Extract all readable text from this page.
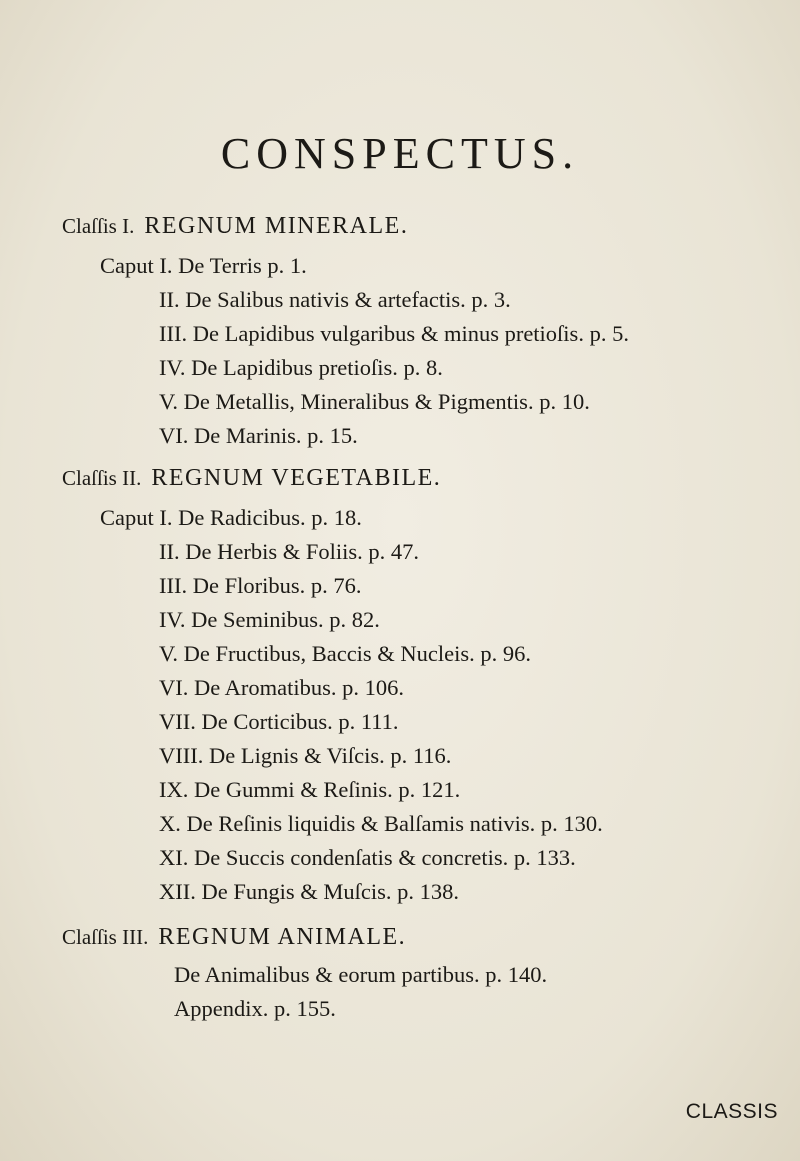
CONSPECTUS.
Claſſis I. REGNUM MINERALE.
Caput I. De Terris p. 1.
II. De Salibus nativis & artefactis. p. 3.
III. De Lapidibus vulgaribus & minus pretioſis. p. 5.
IV. De Lapidibus pretioſis. p. 8.
V. De Metallis, Mineralibus & Pigmentis. p. 10.
VI. De Marinis. p. 15.
Claſſis II. REGNUM VEGETABILE.
Caput I. De Radicibus. p. 18.
II. De Herbis & Foliis. p. 47.
III. De Floribus. p. 76.
IV. De Seminibus. p. 82.
V. De Fructibus, Baccis & Nucleis. p. 96.
VI. De Aromatibus. p. 106.
VII. De Corticibus. p. 111.
VIII. De Lignis & Viſcis. p. 116.
IX. De Gummi & Reſinis. p. 121.
X. De Reſinis liquidis & Balſamis nativis. p. 130.
XI. De Succis condenſatis & concretis. p. 133.
XII. De Fungis & Muſcis. p. 138.
Claſſis III. REGNUM ANIMALE.
De Animalibus & eorum partibus. p. 140.
Appendix. p. 155.
CLASSIS
